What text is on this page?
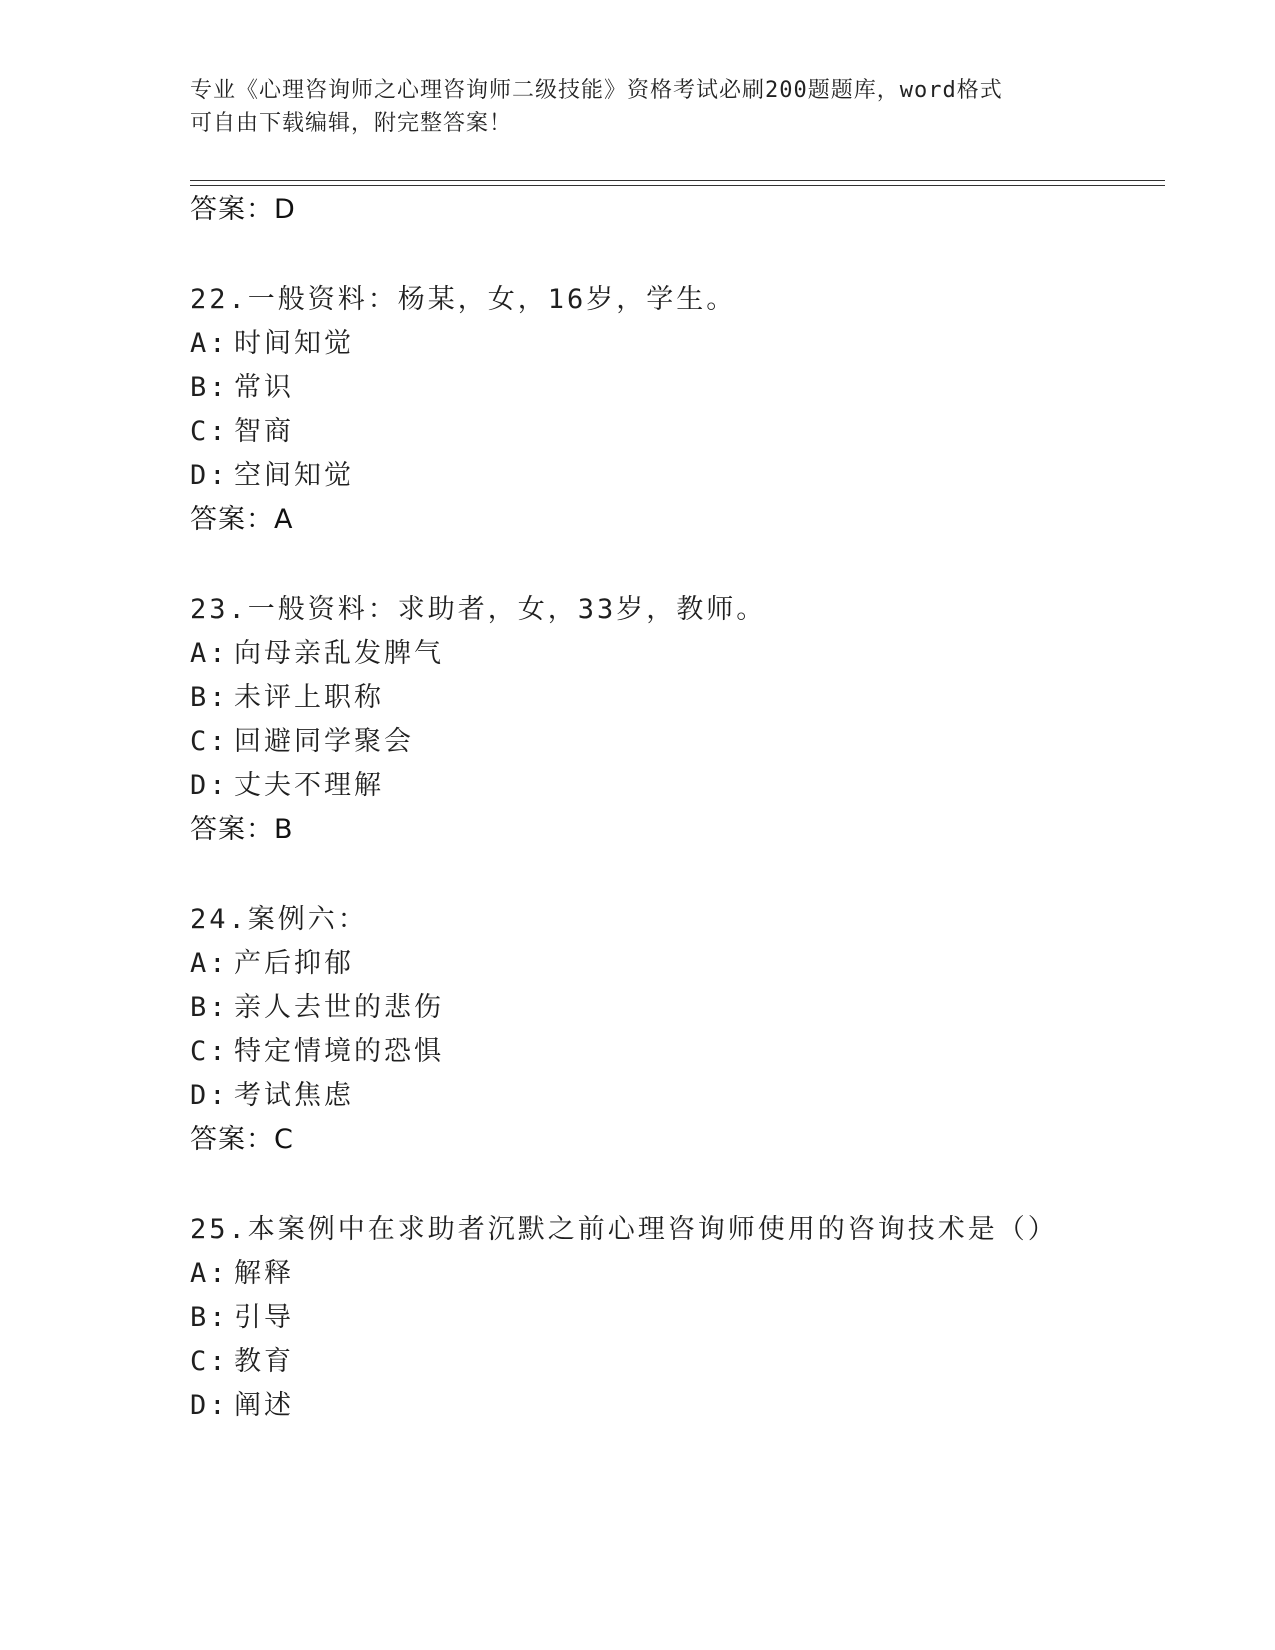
专业《心理咨询师之心理咨询师二级技能》资格考试必刷200题题库，word格式
可自由下载编辑，附完整答案！
答案：D
22.一般资料：杨某，女，16岁，学生。
A: 时间知觉
B: 常识
C: 智商
D: 空间知觉
答案：A
23.一般资料：求助者，女，33岁，教师。
A: 向母亲乱发脾气
B: 未评上职称
C: 回避同学聚会
D: 丈夫不理解
答案：B
24.案例六：
A: 产后抑郁
B: 亲人去世的悲伤
C: 特定情境的恐惧
D: 考试焦虑
答案：C
25.本案例中在求助者沉默之前心理咨询师使用的咨询技术是（）
A: 解释
B: 引导
C: 教育
D: 阐述
